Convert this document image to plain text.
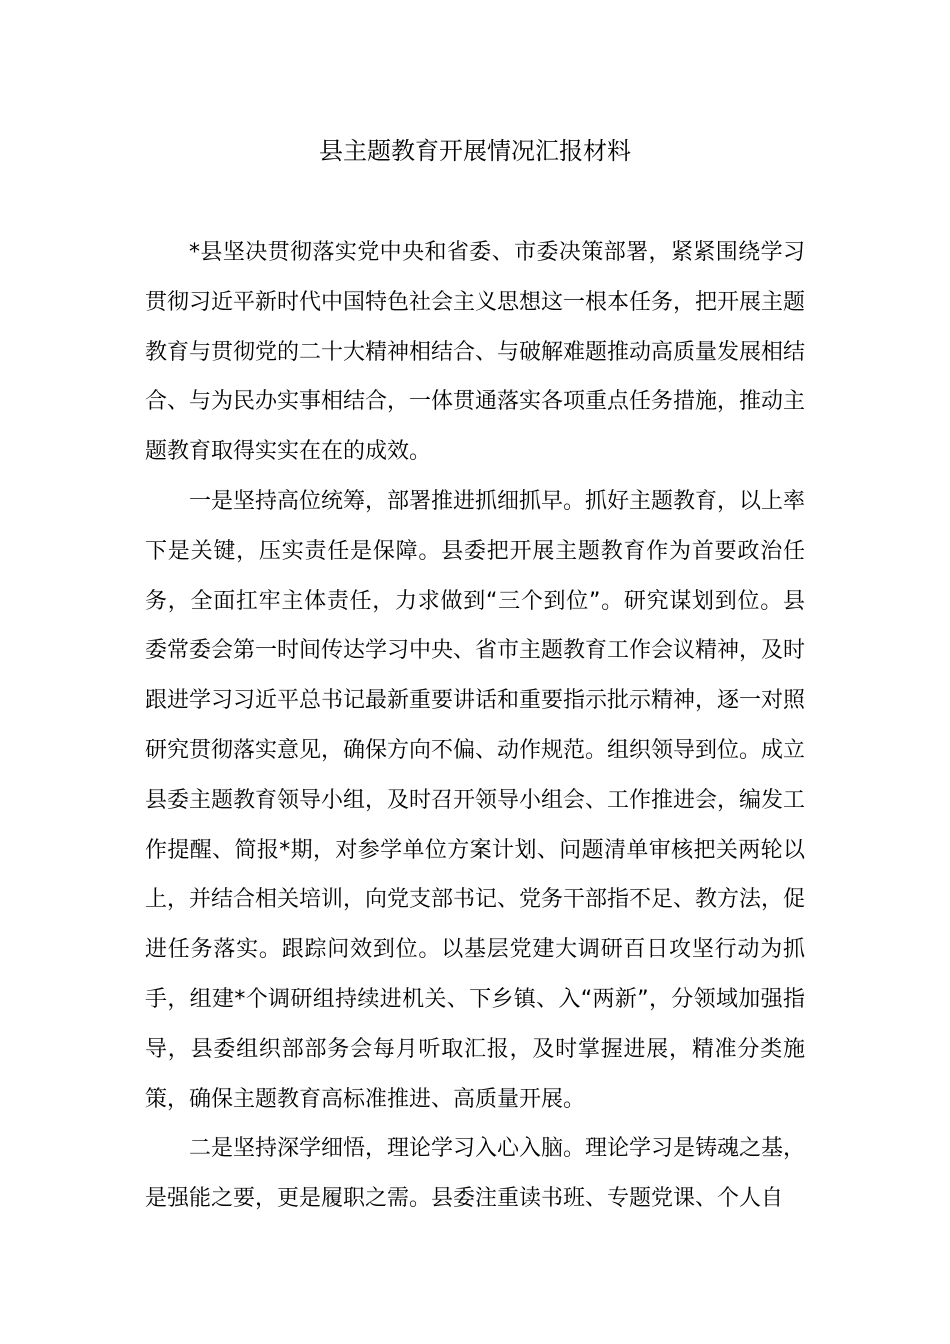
县主题教育开展情况汇报材料

*县坚决贯彻落实党中央和省委、市委决策部署，紧紧围绕学习贯彻习近平新时代中国特色社会主义思想这一根本任务，把开展主题教育与贯彻党的二十大精神相结合、与破解难题推动高质量发展相结合、与为民办实事相结合，一体贯通落实各项重点任务措施，推动主题教育取得实实在在的成效。

一是坚持高位统筹，部署推进抓细抓早。抓好主题教育，以上率下是关键，压实责任是保障。县委把开展主题教育作为首要政治任务，全面扛牢主体责任，力求做到“三个到位”。研究谋划到位。县委常委会第一时间传达学习中央、省市主题教育工作会议精神，及时跟进学习习近平总书记最新重要讲话和重要指示批示精神，逐一对照研究贯彻落实意见，确保方向不偏、动作规范。组织领导到位。成立县委主题教育领导小组，及时召开领导小组会、工作推进会，编发工作提醒、简报*期，对参学单位方案计划、问题清单审核把关两轮以上，并结合相关培训，向党支部书记、党务干部指不足、教方法，促进任务落实。跟踪问效到位。以基层党建大调研百日攻坚行动为抓手，组建*个调研组持续进机关、下乡镇、入“两新”，分领域加强指导，县委组织部部务会每月听取汇报，及时掌握进展，精准分类施策，确保主题教育高标准推进、高质量开展。

二是坚持深学细悟，理论学习入心入脑。理论学习是铸魂之基，是强能之要，更是履职之需。县委注重读书班、专题党课、个人自
